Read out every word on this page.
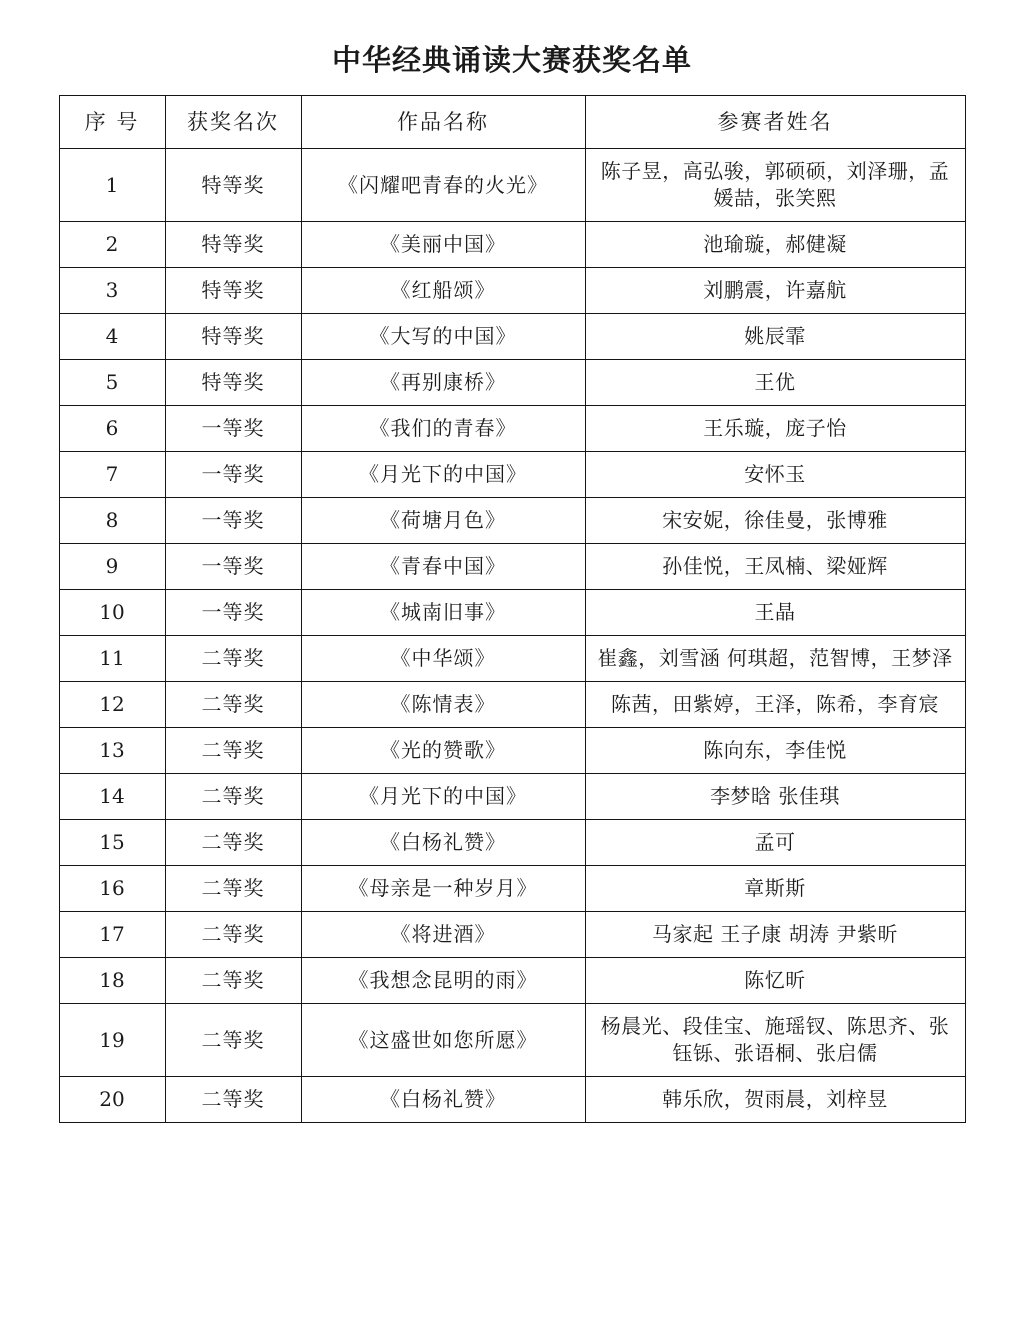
中华经典诵读大赛获奖名单
序 号	获奖名次	作品名称	参赛者姓名
1	特等奖	《闪耀吧青春的火光》	陈子昱，高弘骏，郭硕硕，刘泽珊，孟媛喆，张笑熙
2	特等奖	《美丽中国》	池瑜璇，郝健凝
3	特等奖	《红船颂》	刘鹏震，许嘉航
4	特等奖	《大写的中国》	姚辰霏
5	特等奖	《再别康桥》	王优
6	一等奖	《我们的青春》	王乐璇，庞子怡
7	一等奖	《月光下的中国》	安怀玉
8	一等奖	《荷塘月色》	宋安妮，徐佳曼，张博雅
9	一等奖	《青春中国》	孙佳悦，王凤楠、梁娅辉
10	一等奖	《城南旧事》	王晶
11	二等奖	《中华颂》	崔鑫，刘雪涵 何琪超，范智博，王梦泽
12	二等奖	《陈情表》	陈茜，田紫婷，王泽，陈希，李育宸
13	二等奖	《光的赞歌》	陈向东，李佳悦
14	二等奖	《月光下的中国》	李梦晗 张佳琪
15	二等奖	《白杨礼赞》	孟可
16	二等奖	《母亲是一种岁月》	章斯斯
17	二等奖	《将进酒》	马家起 王子康 胡涛 尹紫昕
18	二等奖	《我想念昆明的雨》	陈忆昕
19	二等奖	《这盛世如您所愿》	杨晨光、段佳宝、施瑶钗、陈思齐、张钰铄、张语桐、张启儒
20	二等奖	《白杨礼赞》	韩乐欣，贺雨晨，刘梓昱
